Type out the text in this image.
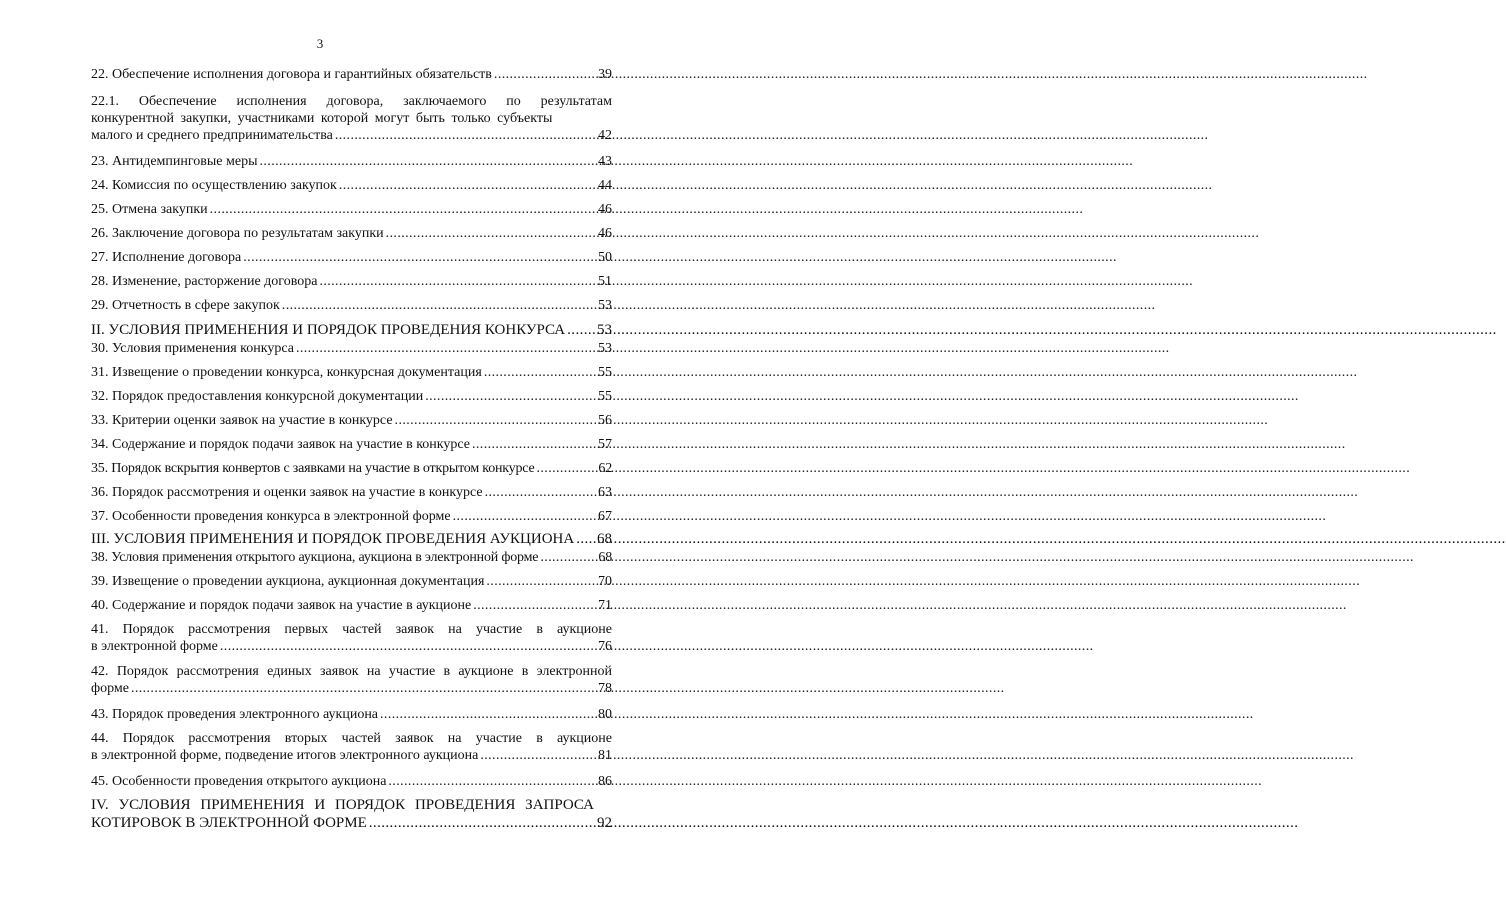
3
22. Обеспечение исполнения договора и гарантийных обязательств .....	39
22.1. Обеспечение исполнения договора, заключаемого по результатам конкурентной закупки, участниками которой могут быть только субъекты
малого и среднего предпринимательства .....	42
23. Антидемпинговые меры .....	43
24. Комиссия по осуществлению закупок .....	44
25. Отмена закупки .....	46
26. Заключение договора по результатам закупки .....	46
27. Исполнение договора .....	50
28. Изменение, расторжение договора .....	51
29. Отчетность в сфере закупок .....	53
II. УСЛОВИЯ ПРИМЕНЕНИЯ И ПОРЯДОК ПРОВЕДЕНИЯ КОНКУРСА ..... 53
30. Условия применения конкурса .....	53
31. Извещение о проведении конкурса, конкурсная документация .....	55
32. Порядок предоставления конкурсной документации .....	55
33. Критерии оценки заявок на участие в конкурсе .....	56
34. Содержание и порядок подачи заявок на участие в конкурсе .....	57
35. Порядок вскрытия конвертов с заявками на участие в открытом конкурсе .....	62
36. Порядок рассмотрения и оценки заявок на участие в конкурсе .....	63
37. Особенности проведения конкурса в электронной форме .....	67
III. УСЛОВИЯ ПРИМЕНЕНИЯ И ПОРЯДОК ПРОВЕДЕНИЯ АУКЦИОНА ..... 68
38. Условия применения открытого аукциона, аукциона в электронной форме .....	68
39. Извещение о проведении аукциона, аукционная документация .....	70
40. Содержание и порядок подачи заявок на участие в аукционе .....	71
41. Порядок рассмотрения первых частей заявок на участие в аукционе
в электронной форме .....	76
42. Порядок рассмотрения единых заявок на участие в аукционе в электронной
форме .....	78
43. Порядок проведения электронного аукциона .....	80
44. Порядок рассмотрения вторых частей заявок на участие в аукционе
в электронной форме, подведение итогов электронного аукциона .....	81
45. Особенности проведения открытого аукциона .....	86
IV. УСЛОВИЯ ПРИМЕНЕНИЯ И ПОРЯДОК ПРОВЕДЕНИЯ ЗАПРОСА
КОТИРОВОК В ЭЛЕКТРОННОЙ ФОРМЕ .....	92
